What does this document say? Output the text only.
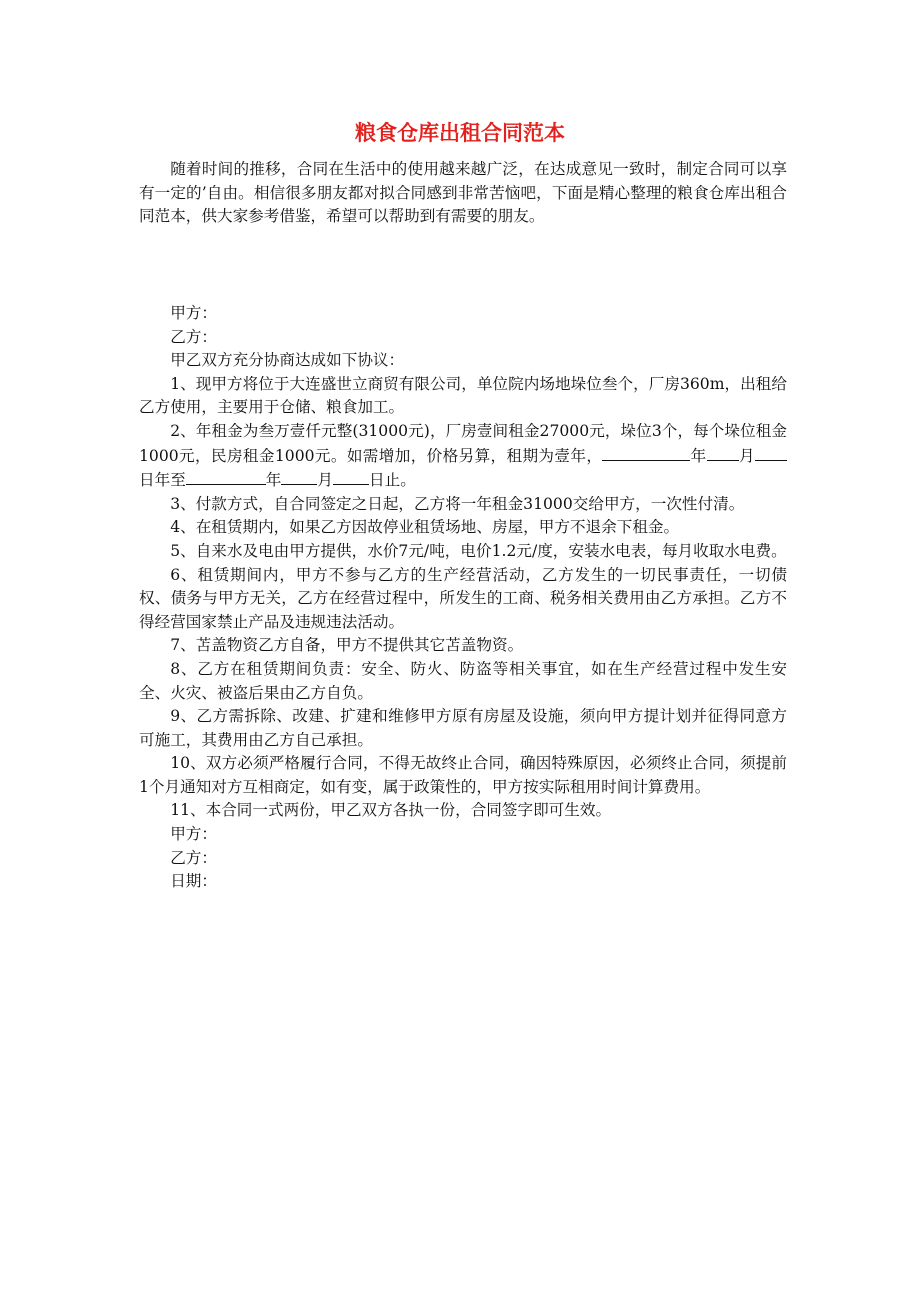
粮食仓库出租合同范本

随着时间的推移，合同在生活中的使用越来越广泛，在达成意见一致时，制定合同可以享有一定的’自由。相信很多朋友都对拟合同感到非常苦恼吧，下面是精心整理的粮食仓库出租合同范本，供大家参考借鉴，希望可以帮助到有需要的朋友。

甲方：

乙方：

甲乙双方充分协商达成如下协议：

1、现甲方将位于大连盛世立商贸有限公司，单位院内场地垛位叁个，厂房360m，出租给乙方使用，主要用于仓储、粮食加工。

2、年租金为叁万壹仟元整(31000元)，厂房壹间租金27000元，垛位3个，每个垛位租金1000元，民房租金1000元。如需增加，价格另算，租期为壹年，	年 月日年至	年 月 日止。

3、付款方式，自合同签定之日起，乙方将一年租金31000交给甲方，一次性付清。

4、在租赁期内，如果乙方因故停业租赁场地、房屋，甲方不退余下租金。

5、自来水及电由甲方提供，水价7元/吨，电价1.2元/度，安装水电表，每月收取水电费。

6、租赁期间内，甲方不参与乙方的生产经营活动，乙方发生的一切民事责任，一切债权、债务与甲方无关，乙方在经营过程中，所发生的工商、税务相关费用由乙方承担。乙方不得经营国家禁止产品及违规违法活动。

7、苫盖物资乙方自备，甲方不提供其它苫盖物资。

8、乙方在租赁期间负责：安全、防火、防盗等相关事宜，如在生产经营过程中发生安全、火灾、被盗后果由乙方自负。

9、乙方需拆除、改建、扩建和维修甲方原有房屋及设施，须向甲方提计划并征得同意方可施工，其费用由乙方自己承担。

10、双方必须严格履行合同，不得无故终止合同，确因特殊原因，必须终止合同，须提前1个月通知对方互相商定，如有变，属于政策性的，甲方按实际租用时间计算费用。

11、本合同一式两份，甲乙双方各执一份，合同签字即可生效。

甲方：

乙方：

日期：
